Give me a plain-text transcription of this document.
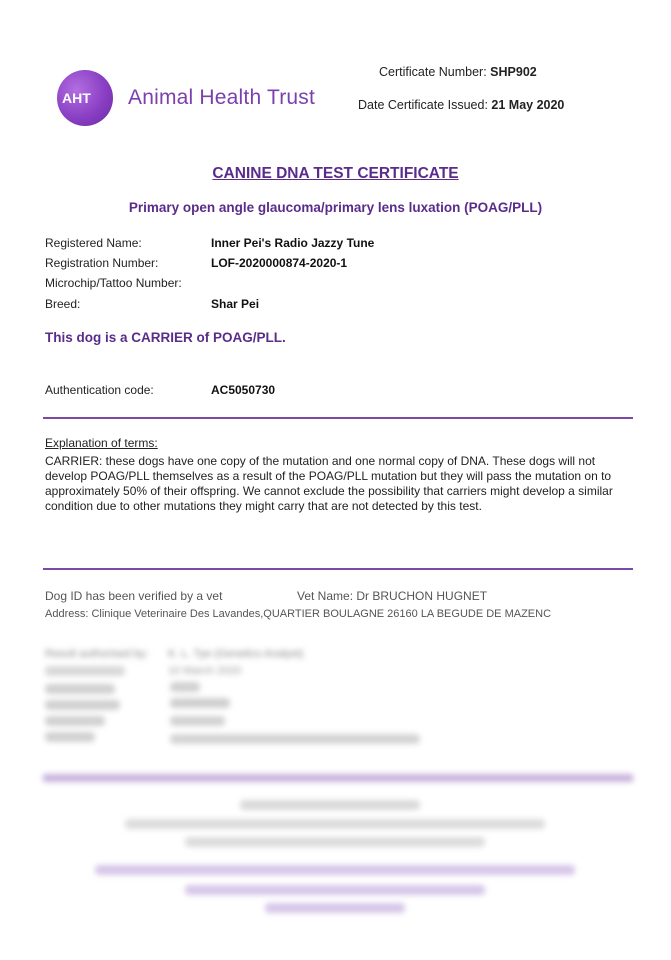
AHT Animal Health Trust
Certificate Number: SHP902
Date Certificate Issued: 21 May 2020
CANINE DNA TEST CERTIFICATE
Primary open angle glaucoma/primary lens luxation (POAG/PLL)
Registered Name:	Inner Pei's Radio Jazzy Tune
Registration Number:	LOF-2020000874-2020-1
Microchip/Tattoo Number:
Breed:	Shar Pei
This dog is a CARRIER of POAG/PLL.
Authentication code:	AC5050730
Explanation of terms:
CARRIER: these dogs have one copy of the mutation and one normal copy of DNA. These dogs will not
develop POAG/PLL themselves as a result of the POAG/PLL mutation but they will pass the mutation on to
approximately 50% of their offspring. We cannot exclude the possibility that carriers might develop a similar
condition due to other mutations they might carry that are not detected by this test.
Dog ID has been verified by a vet	Vet Name: Dr BRUCHON HUGNET
Address: Clinique Veterinaire Des Lavandes,QUARTIER BOULAGNE 26160 LA BEGUDE DE MAZENC
Result authorised by: K. L. Tye (Genetics Analyst)
10 March 2020
